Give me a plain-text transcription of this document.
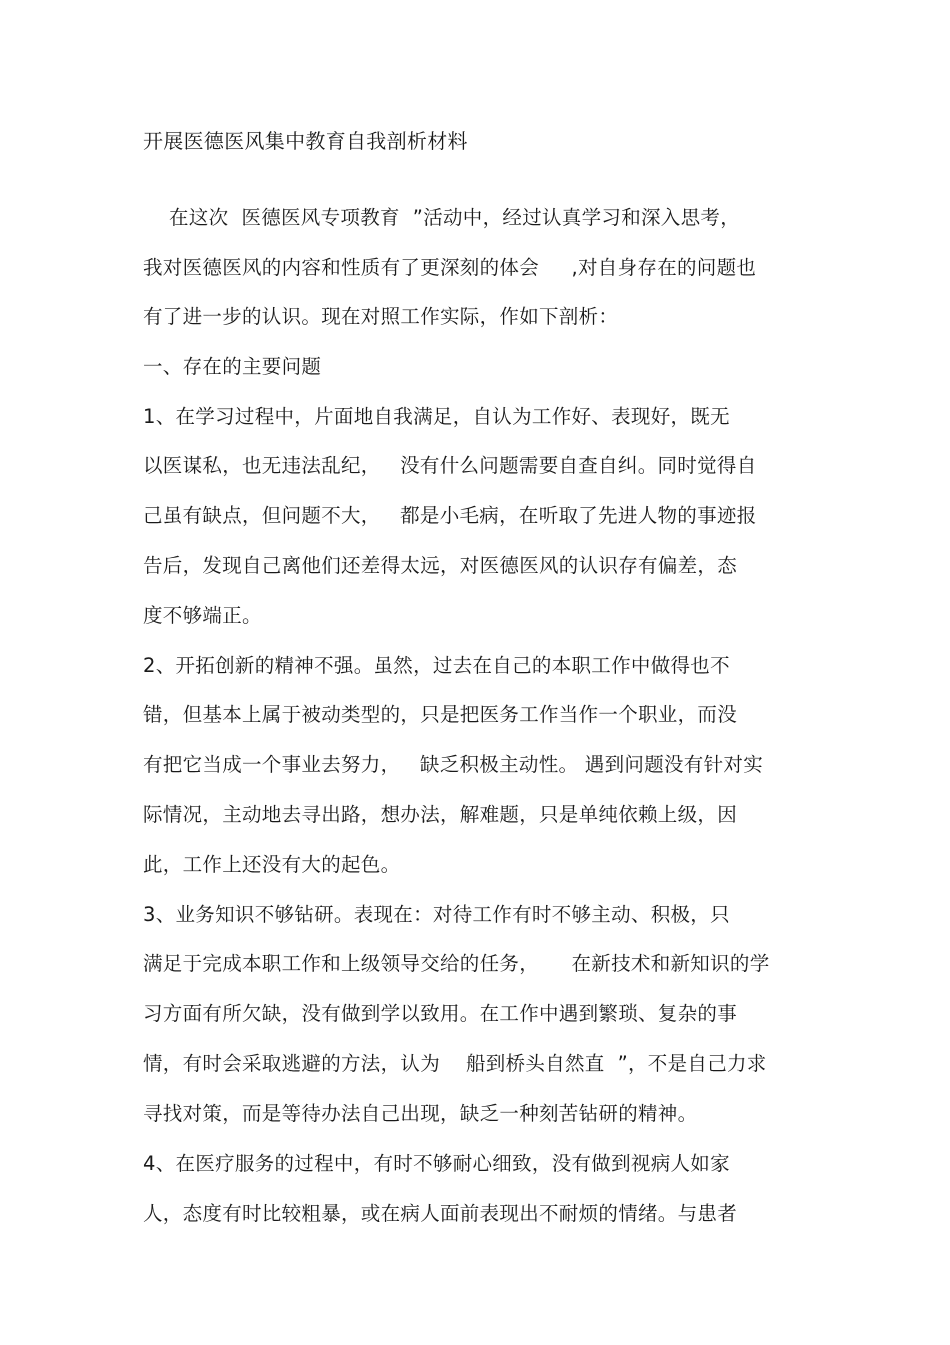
开展医德医风集中教育自我剖析材料
在这次  医德医风专项教育  ”活动中，经过认真学习和深入思考，
我对医德医风的内容和性质有了更深刻的体会     ,对自身存在的问题也
有了进一步的认识。现在对照工作实际，作如下剖析：
一、存在的主要问题
1、在学习过程中，片面地自我满足，自认为工作好、表现好，既无
以医谋私，也无违法乱纪，   没有什么问题需要自查自纠。同时觉得自
己虽有缺点，但问题不大，   都是小毛病，在听取了先进人物的事迹报
告后，发现自己离他们还差得太远，对医德医风的认识存有偏差，态
度不够端正。
2、开拓创新的精神不强。虽然，过去在自己的本职工作中做得也不
错，但基本上属于被动类型的，只是把医务工作当作一个职业，而没
有把它当成一个事业去努力，   缺乏积极主动性。 遇到问题没有针对实
际情况，主动地去寻出路，想办法，解难题，只是单纯依赖上级，因
此，工作上还没有大的起色。
3、业务知识不够钻研。表现在：对待工作有时不够主动、积极，只
满足于完成本职工作和上级领导交给的任务，     在新技术和新知识的学
习方面有所欠缺，没有做到学以致用。在工作中遇到繁琐、复杂的事
情，有时会采取逃避的方法，认为    船到桥头自然直  ”，不是自己力求
寻找对策，而是等待办法自己出现，缺乏一种刻苦钻研的精神。
4、在医疗服务的过程中，有时不够耐心细致，没有做到视病人如家
人，态度有时比较粗暴，或在病人面前表现出不耐烦的情绪。与患者
